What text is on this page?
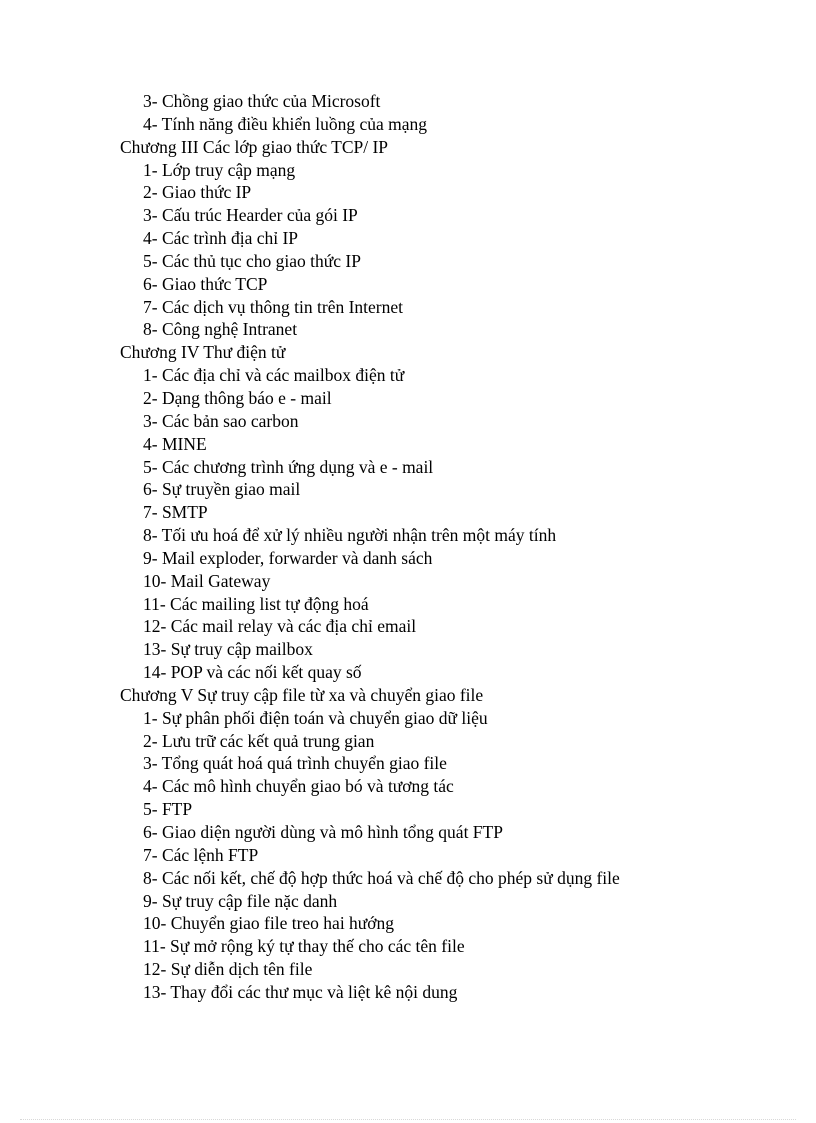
3- Chồng giao thức của Microsoft
4- Tính năng điều khiển luồng của mạng
Chương III Các lớp giao thức TCP/ IP
1- Lớp truy cập mạng
2- Giao thức IP
3- Cấu trúc Hearder của gói IP
4- Các trình địa chỉ IP
5- Các thủ tục cho giao thức IP
6- Giao thức TCP
7- Các dịch vụ thông tin trên Internet
8- Công nghệ Intranet
Chương IV Thư điện tử
1- Các địa chỉ và các mailbox điện tử
2- Dạng thông báo e - mail
3- Các bản sao carbon
4- MINE
5- Các chương trình ứng dụng và e - mail
6- Sự truyền giao mail
7- SMTP
8- Tối ưu hoá để xử lý nhiều người nhận trên một máy tính
9- Mail exploder, forwarder và danh sách
10- Mail Gateway
11- Các mailing list tự động hoá
12- Các mail relay và các địa chỉ email
13- Sự truy cập mailbox
14- POP và các nối kết quay số
Chương V Sự truy cập file từ xa và chuyển giao file
1- Sự phân phối điện toán và chuyển giao dữ liệu
2- Lưu trữ các kết quả trung gian
3- Tổng quát hoá quá trình chuyển giao file
4- Các mô hình chuyển giao bó và tương tác
5- FTP
6- Giao diện người dùng và mô hình tổng quát FTP
7- Các lệnh FTP
8- Các nối kết, chế độ hợp thức hoá và chế độ cho phép sử dụng file
9- Sự truy cập file nặc danh
10- Chuyển giao file treo hai hướng
11- Sự mở rộng ký tự thay thế cho các tên file
12- Sự diễn dịch tên file
13- Thay đổi các thư mục và liệt kê nội dung
